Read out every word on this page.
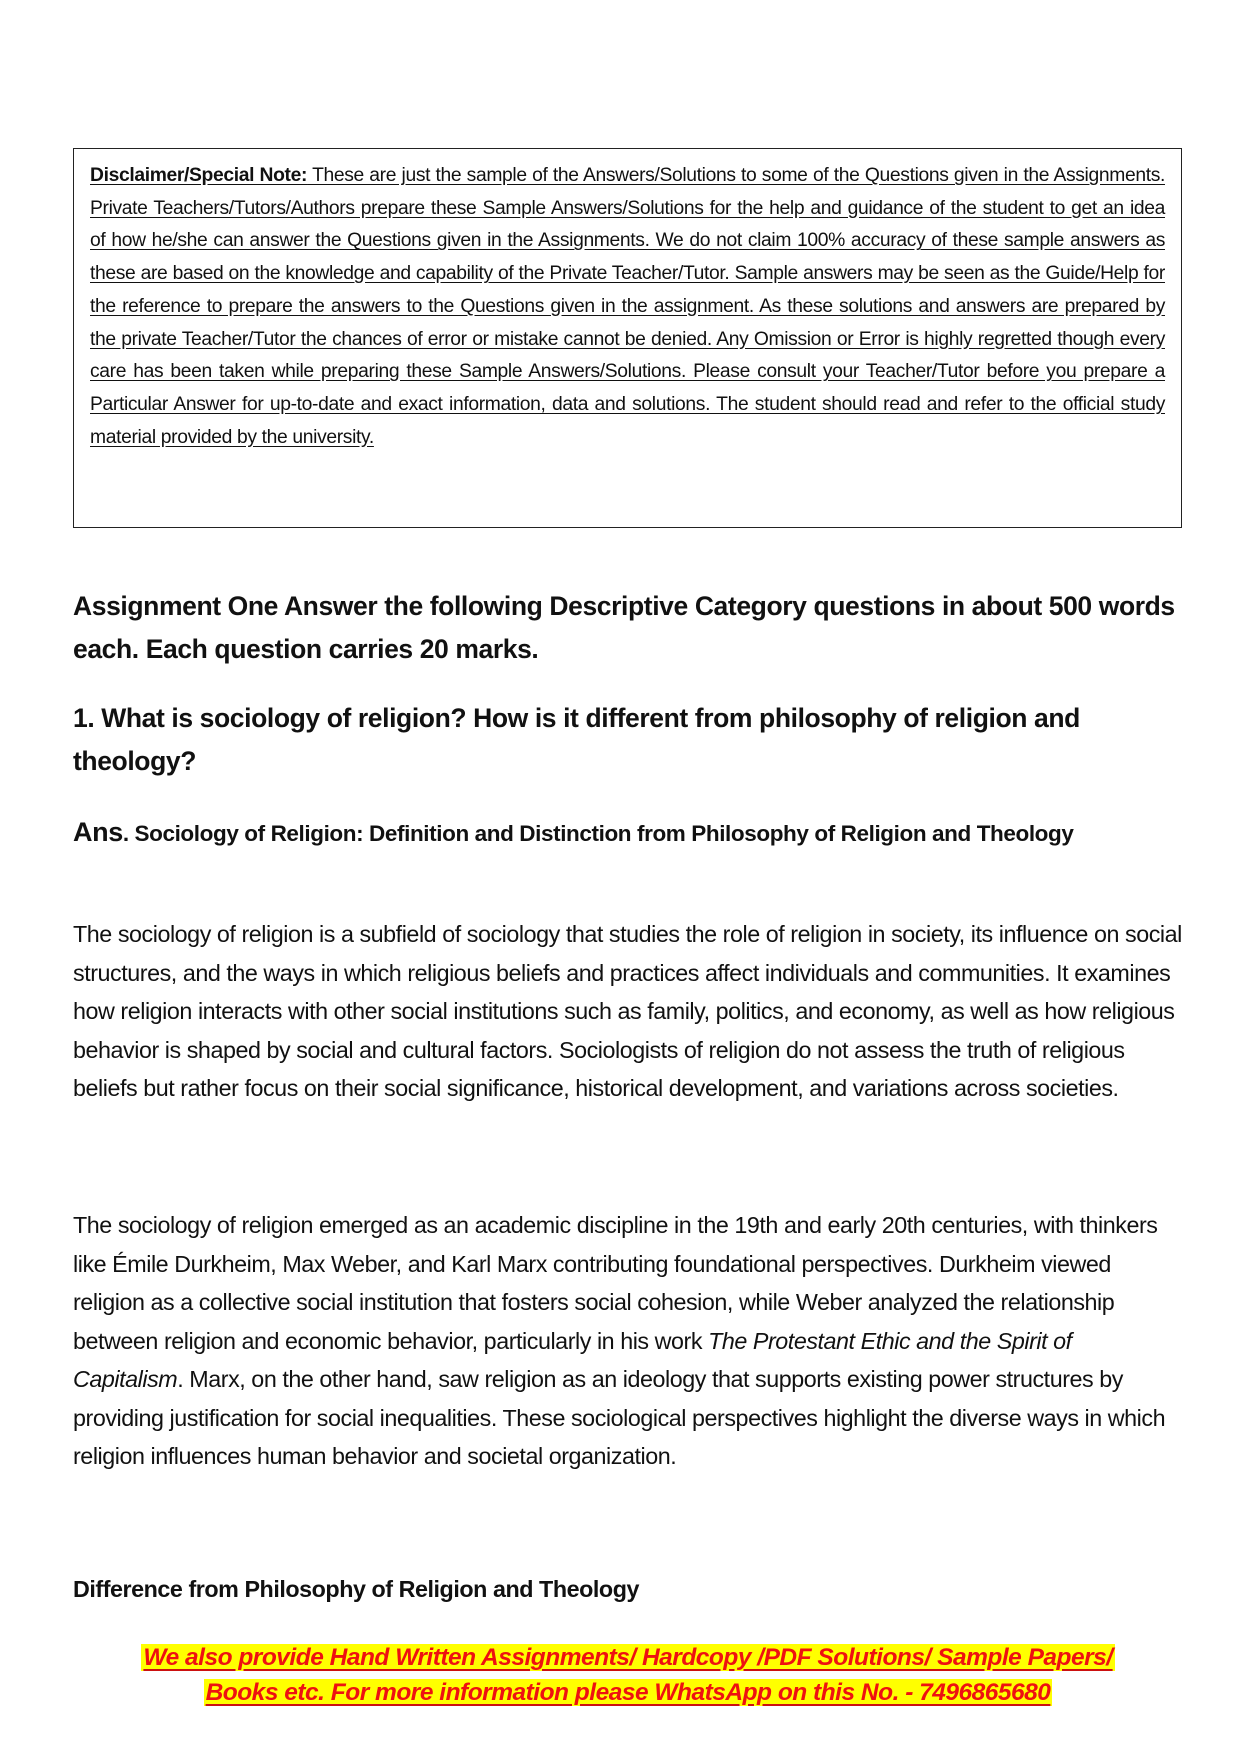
Disclaimer/Special Note: These are just the sample of the Answers/Solutions to some of the Questions given in the Assignments. Private Teachers/Tutors/Authors prepare these Sample Answers/Solutions for the help and guidance of the student to get an idea of how he/she can answer the Questions given in the Assignments. We do not claim 100% accuracy of these sample answers as these are based on the knowledge and capability of the Private Teacher/Tutor. Sample answers may be seen as the Guide/Help for the reference to prepare the answers to the Questions given in the assignment. As these solutions and answers are prepared by the private Teacher/Tutor the chances of error or mistake cannot be denied. Any Omission or Error is highly regretted though every care has been taken while preparing these Sample Answers/Solutions. Please consult your Teacher/Tutor before you prepare a Particular Answer for up-to-date and exact information, data and solutions. The student should read and refer to the official study material provided by the university.
Assignment One Answer the following Descriptive Category questions in about 500 words each. Each question carries 20 marks.
1. What is sociology of religion? How is it different from philosophy of religion and theology?
Ans. Sociology of Religion: Definition and Distinction from Philosophy of Religion and Theology
The sociology of religion is a subfield of sociology that studies the role of religion in society, its influence on social structures, and the ways in which religious beliefs and practices affect individuals and communities. It examines how religion interacts with other social institutions such as family, politics, and economy, as well as how religious behavior is shaped by social and cultural factors. Sociologists of religion do not assess the truth of religious beliefs but rather focus on their social significance, historical development, and variations across societies.
The sociology of religion emerged as an academic discipline in the 19th and early 20th centuries, with thinkers like Émile Durkheim, Max Weber, and Karl Marx contributing foundational perspectives. Durkheim viewed religion as a collective social institution that fosters social cohesion, while Weber analyzed the relationship between religion and economic behavior, particularly in his work The Protestant Ethic and the Spirit of Capitalism. Marx, on the other hand, saw religion as an ideology that supports existing power structures by providing justification for social inequalities. These sociological perspectives highlight the diverse ways in which religion influences human behavior and societal organization.
Difference from Philosophy of Religion and Theology
We also provide Hand Written Assignments/ Hardcopy /PDF Solutions/ Sample Papers/
Books etc. For more information please WhatsApp on this No. - 7496865680
